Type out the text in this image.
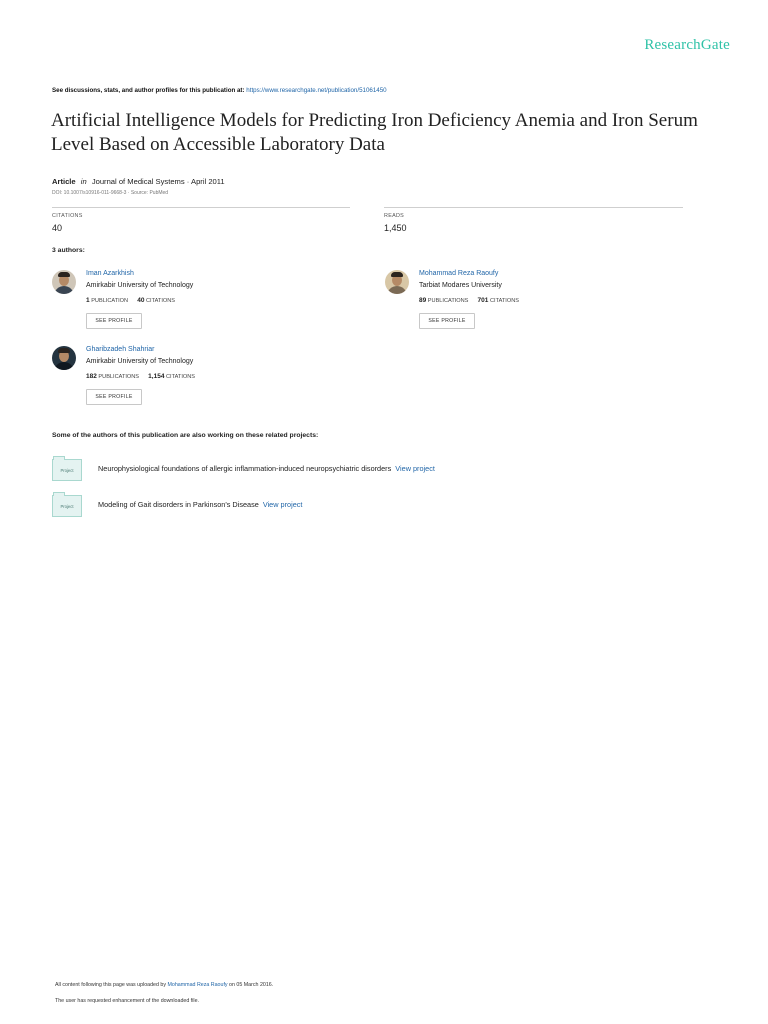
ResearchGate
See discussions, stats, and author profiles for this publication at: https://www.researchgate.net/publication/51061450
Artificial Intelligence Models for Predicting Iron Deficiency Anemia and Iron Serum Level Based on Accessible Laboratory Data
Article in Journal of Medical Systems · April 2011
DOI: 10.1007/s10916-011-9668-3 · Source: PubMed
CITATIONS
40
READS
1,450
3 authors:
Iman Azarkhish
Amirkabir University of Technology
1 PUBLICATION 40 CITATIONS
SEE PROFILE
Mohammad Reza Raoufy
Tarbiat Modares University
89 PUBLICATIONS 701 CITATIONS
SEE PROFILE
Gharibzadeh Shahriar
Amirkabir University of Technology
182 PUBLICATIONS 1,154 CITATIONS
SEE PROFILE
Some of the authors of this publication are also working on these related projects:
Project	Neurophysiological foundations of allergic inflammation-induced neuropsychiatric disorders View project
Project	Modeling of Gait disorders in Parkinson's Disease View project
All content following this page was uploaded by Mohammad Reza Raoufy on 05 March 2016.
The user has requested enhancement of the downloaded file.
